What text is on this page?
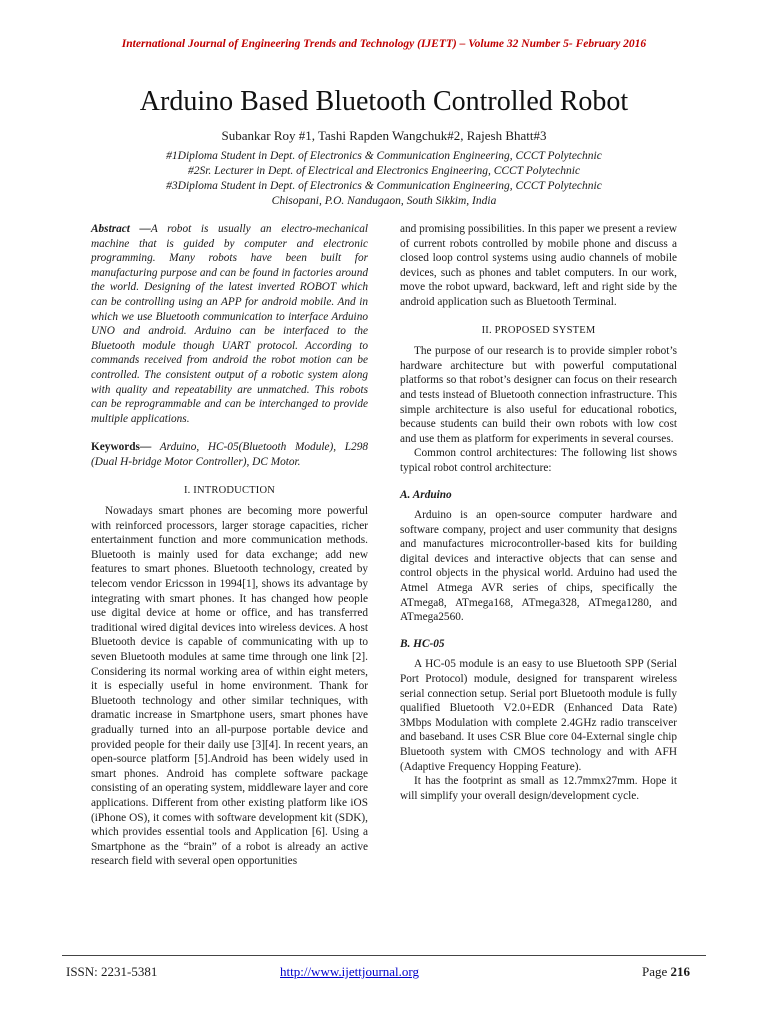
International Journal of Engineering Trends and Technology (IJETT) – Volume 32 Number 5- February 2016
Arduino Based Bluetooth Controlled Robot
Subankar Roy #1, Tashi Rapden Wangchuk#2, Rajesh Bhatt#3
#1Diploma Student in Dept. of Electronics & Communication Engineering, CCCT Polytechnic
#2Sr. Lecturer in Dept. of Electrical and Electronics Engineering, CCCT Polytechnic
#3Diploma Student in Dept. of Electronics & Communication Engineering, CCCT Polytechnic
Chisopani, P.O. Nandugaon, South Sikkim, India

Abstract —A robot is usually an electro-mechanical machine that is guided by computer and electronic programming. Many robots have been built for manufacturing purpose and can be found in factories around the world. Designing of the latest inverted ROBOT which can be controlling using an APP for android mobile. And in which we use Bluetooth communication to interface Arduino UNO and android. Arduino can be interfaced to the Bluetooth module though UART protocol. According to commands received from android the robot motion can be controlled. The consistent output of a robotic system along with quality and repeatability are unmatched. This robots can be reprogrammable and can be interchanged to provide multiple applications.

Keywords— Arduino, HC-05(Bluetooth Module), L298 (Dual H-bridge Motor Controller), DC Motor.

I. INTRODUCTION

Nowadays smart phones are becoming more powerful with reinforced processors, larger storage capacities, richer entertainment function and more communication methods. Bluetooth is mainly used for data exchange; add new features to smart phones. Bluetooth technology, created by telecom vendor Ericsson in 1994[1], shows its advantage by integrating with smart phones. It has changed how people use digital device at home or office, and has transferred traditional wired digital devices into wireless devices. A host Bluetooth device is capable of communicating with up to seven Bluetooth modules at same time through one link [2]. Considering its normal working area of within eight meters, it is especially useful in home environment. Thank for Bluetooth technology and other similar techniques, with dramatic increase in Smartphone users, smart phones have gradually turned into an all-purpose portable device and provided people for their daily use [3][4]. In recent years, an open-source platform [5].Android has been widely used in smart phones. Android has complete software package consisting of an operating system, middleware layer and core applications. Different from other existing platform like iOS (iPhone OS), it comes with software development kit (SDK), which provides essential tools and Application [6]. Using a Smartphone as the “brain” of a robot is already an active research field with several open opportunities

and promising possibilities. In this paper we present a review of current robots controlled by mobile phone and discuss a closed loop control systems using audio channels of mobile devices, such as phones and tablet computers. In our work, move the robot upward, backward, left and right side by the android application such as Bluetooth Terminal.

II. PROPOSED SYSTEM

The purpose of our research is to provide simpler robot’s hardware architecture but with powerful computational platforms so that robot’s designer can focus on their research and tests instead of Bluetooth connection infrastructure. This simple architecture is also useful for educational robotics, because students can build their own robots with low cost and use them as platform for experiments in several courses.

Common control architectures: The following list shows typical robot control architecture:

A. Arduino

Arduino is an open-source computer hardware and software company, project and user community that designs and manufactures microcontroller-based kits for building digital devices and interactive objects that can sense and control objects in the physical world. Arduino had used the Atmel Atmega AVR series of chips, specifically the ATmega8, ATmega168, ATmega328, ATmega1280, and ATmega2560.

B. HC-05

A HC-05 module is an easy to use Bluetooth SPP (Serial Port Protocol) module, designed for transparent wireless serial connection setup. Serial port Bluetooth module is fully qualified Bluetooth V2.0+EDR (Enhanced Data Rate) 3Mbps Modulation with complete 2.4GHz radio transceiver and baseband. It uses CSR Blue core 04-External single chip Bluetooth system with CMOS technology and with AFH (Adaptive Frequency Hopping Feature).

It has the footprint as small as 12.7mmx27mm. Hope it will simplify your overall design/development cycle.

ISSN: 2231-5381	http://www.ijettjournal.org	Page 216
